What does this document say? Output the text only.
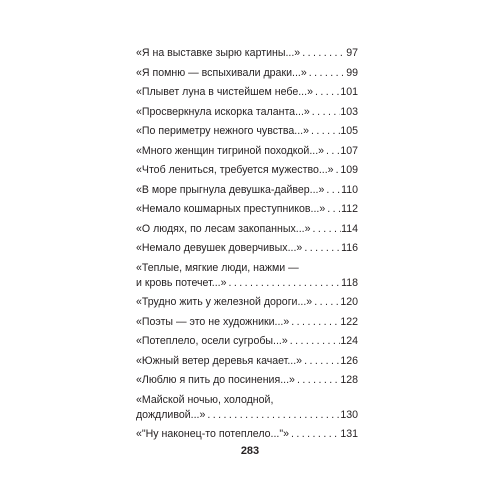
«Я на выставке зырю картины...» . . .	97
«Я помню — вспыхивали драки...» . . .	99
«Плывет луна в чистейшем небе...» . . .	101
«Просверкнула искорка таланта...» . . .	103
«По периметру нежного чувства...» . . .	105
«Много женщин тигриной походкой...» . . . 107
«Чтоб лениться, требуется мужество...» . . . 109
«В море прыгнула девушка-дайвер...» . . . 110
«Немало кошмарных преступников...» . . . 112
«О людях, по лесам закопанных...» . . .	114
«Немало девушек доверчивых...» . . .	116
«Теплые, мягкие люди, нажми —
и кровь потечет...» . . .	118
«Трудно жить у железной дороги...» . . .	120
«Поэты — это не художники...» . . .	122
«Потеплело, осели сугробы...» . . .	124
«Южный ветер деревья качает...» . . .	126
«Люблю я пить до посинения...» . . .	128
«Майской ночью, холодной,
дождливой...» . . .	130
«"Ну наконец-то потеплело..."» . . .	131
283
